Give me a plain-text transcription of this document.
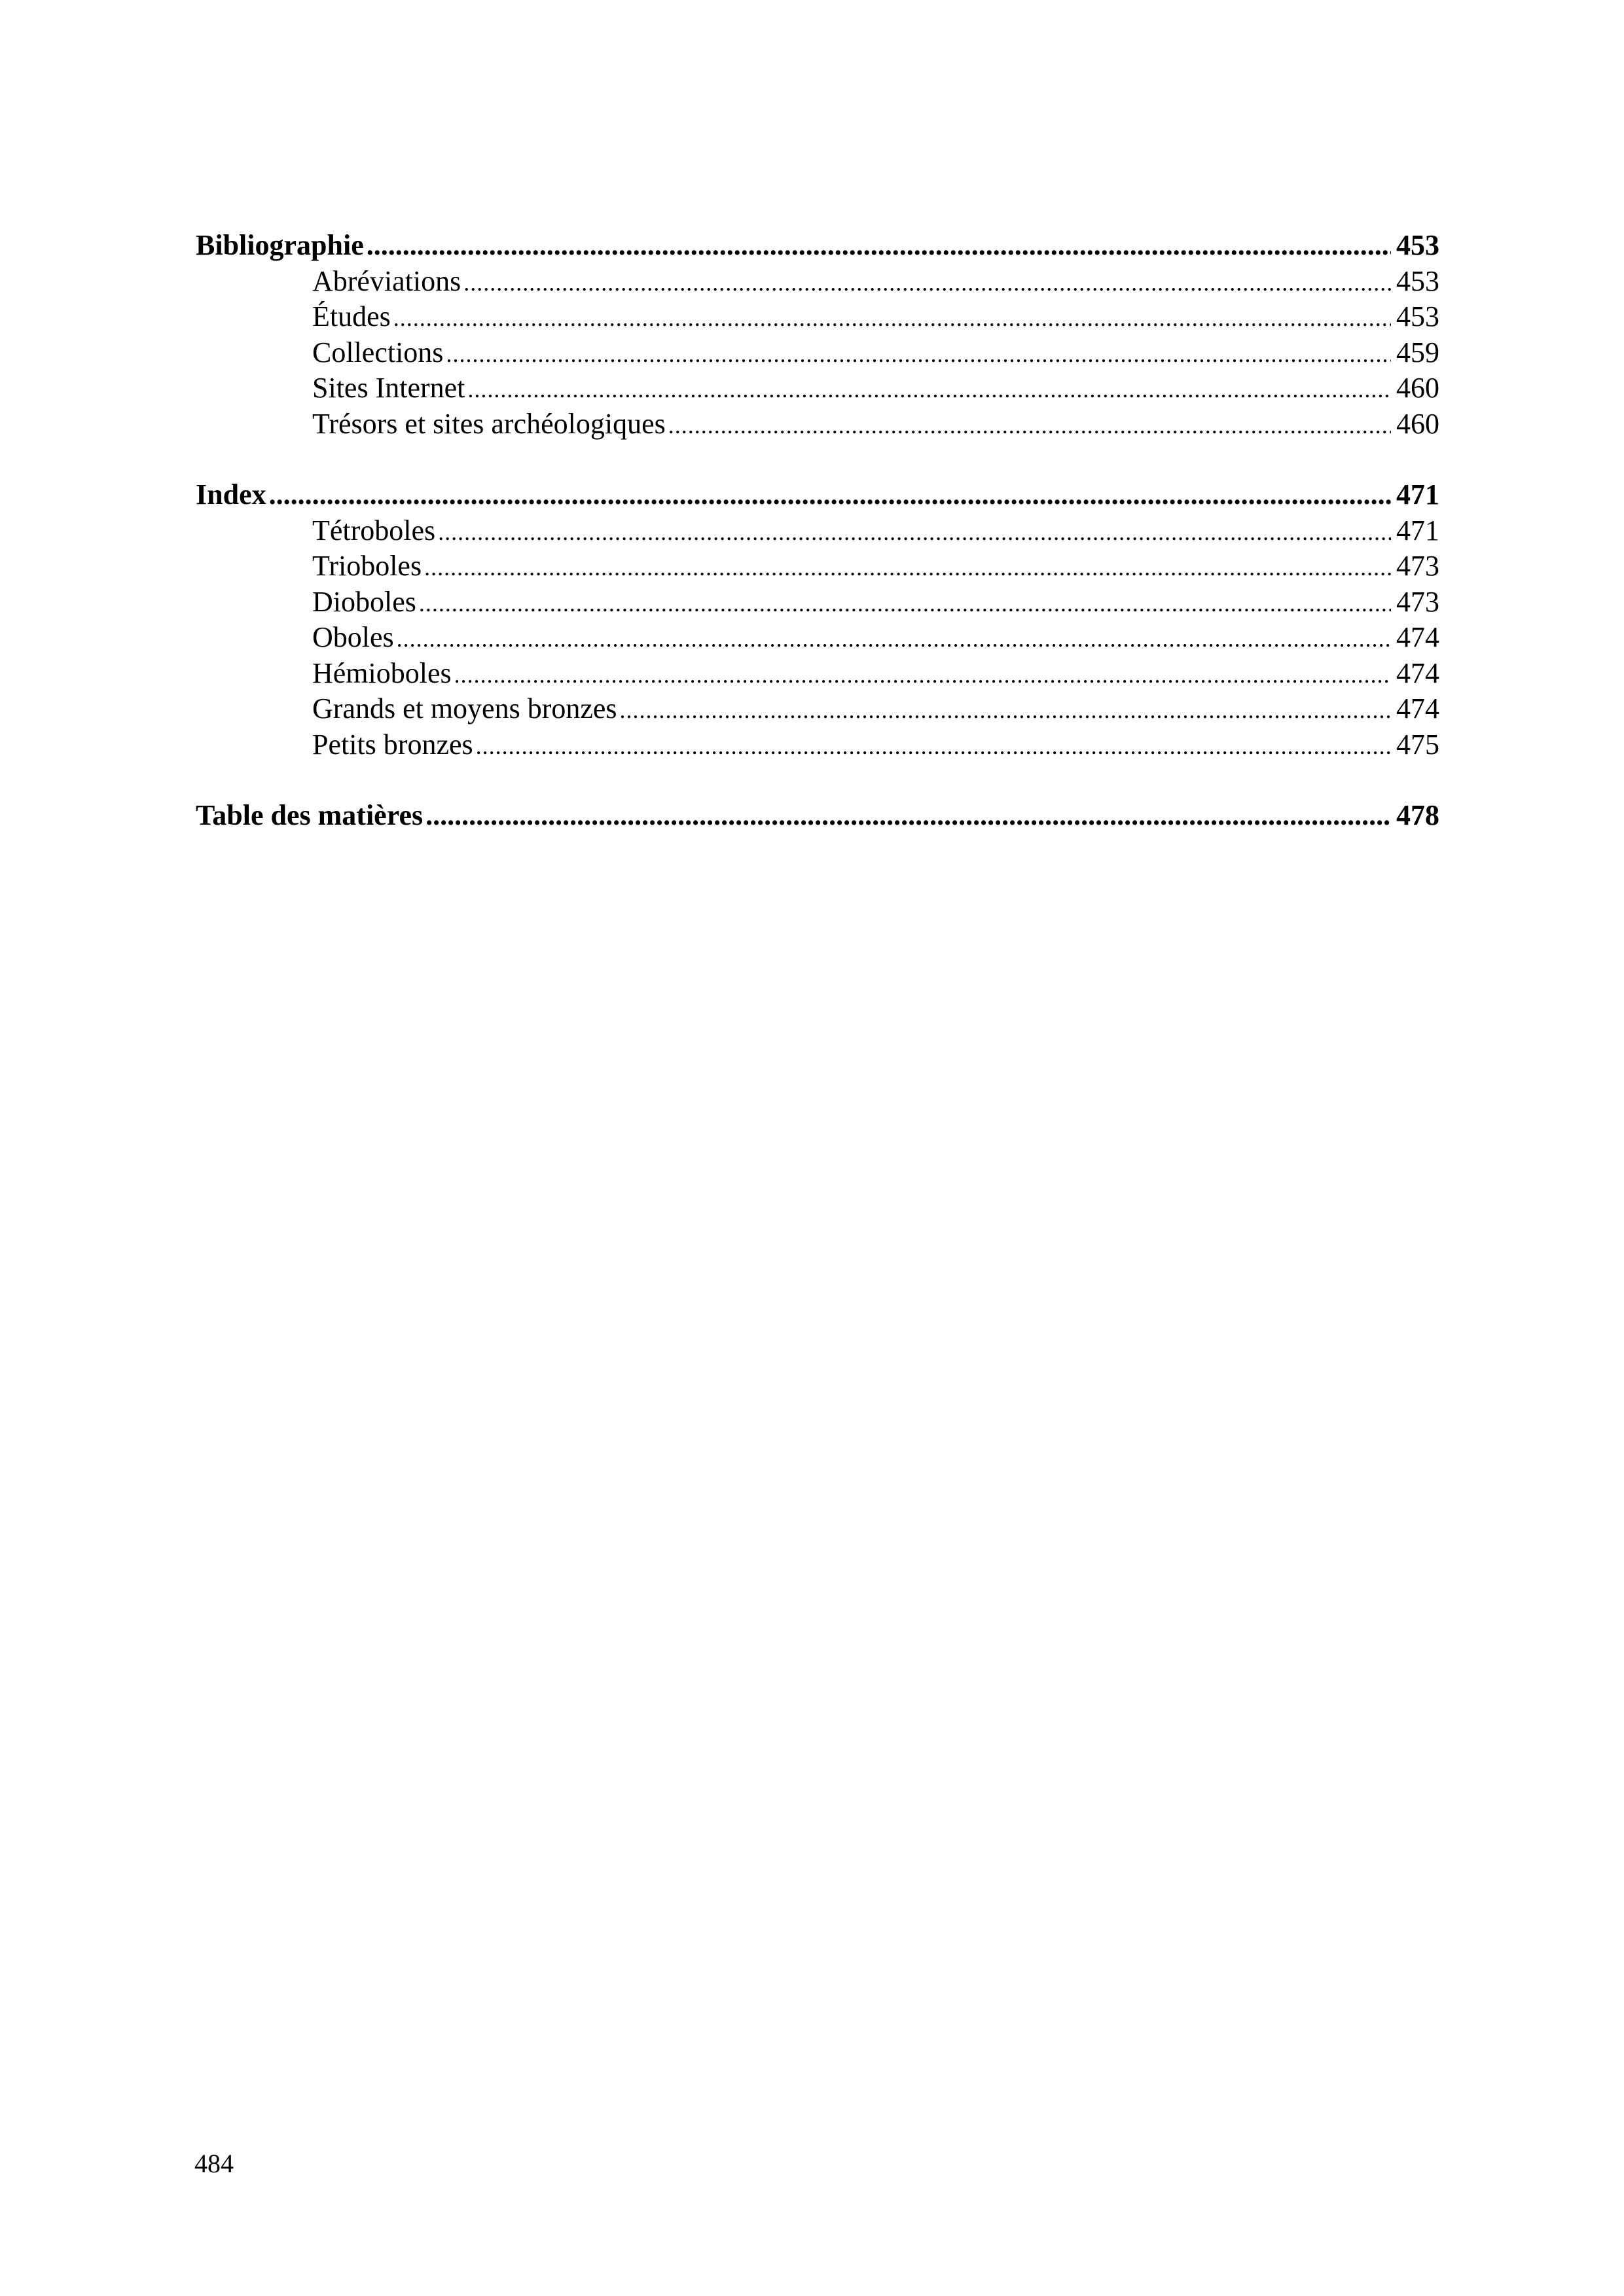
Bibliographie .....	453
Abréviations .....	453
Études .....	453
Collections .....	459
Sites Internet .....	460
Trésors et sites archéologiques .....	460
Index .....	471
Tétroboles .....	471
Trioboles .....	473
Dioboles .....	473
Oboles .....	474
Hémioboles .....	474
Grands et moyens bronzes .....	474
Petits bronzes .....	475
Table des matières .....	478
484
